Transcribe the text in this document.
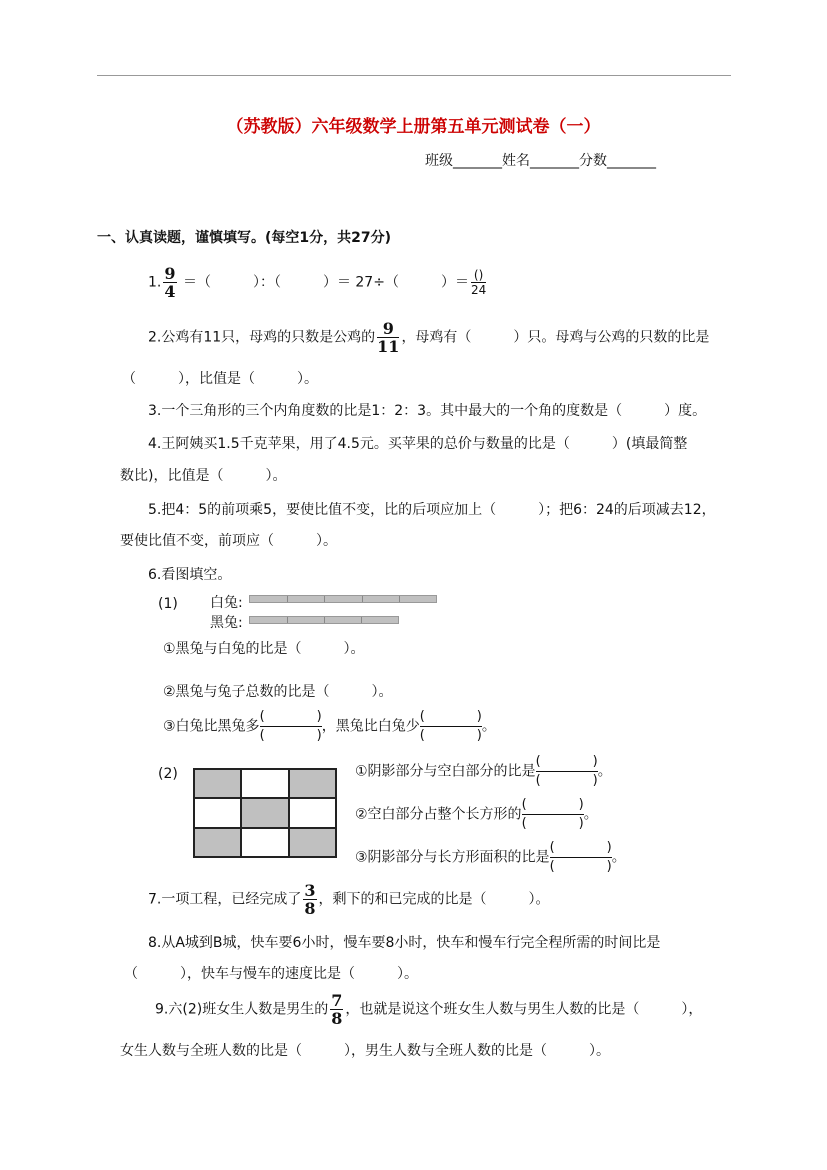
（苏教版）六年级数学上册第五单元测试卷（一）
班级_______姓名_______分数_______
一、认真读题，谨慎填写。(每空1分，共27分)
1. $\frac{9}{4}$ ＝（　　　）：（　　　）＝ 27÷（　　　）＝ $\frac{()}{24}$
2.公鸡有11只，母鸡的只数是公鸡的 $\frac{9}{11}$ ，母鸡有（　　　）只。母鸡与公鸡的只数的比是
（　　　），比值是（　　　）。
3.一个三角形的三个内角度数的比是1：2：3。其中最大的一个角的度数是（　　　）度。
4.王阿姨买1.5千克苹果，用了4.5元。买苹果的总价与数量的比是（　　　）(填最简整
数比)，比值是（　　　）。
5.把4：5的前项乘5，要使比值不变，比的后项应加上（　　　）；把6：24的后项减去12，
要使比值不变，前项应（　　　）。
6.看图填空。
(1) 白兔:
黑兔:
①黑兔与白兔的比是（　　　）。
②黑兔与兔子总数的比是（　　　）。
③白兔比黑兔多
(　　　　)
(　　　　)，黑兔比白兔少
(　　　　)
(　　　　)。
(2)	①阴影部分与空白部分的比是
(　　　　)
(　　　　)。
②空白部分占整个长方形的
(　　　　)
(　　　　)。
③阴影部分与长方形面积的比是
(　　　　)
(　　　　)。
7.一项工程，已经完成了 $\frac{3}{8}$ ，剩下的和已完成的比是（　　　）。
8.从A城到B城，快车要6小时，慢车要8小时，快车和慢车行完全程所需的时间比是
（　　　），快车与慢车的速度比是（　　　）。
9.六(2)班女生人数是男生的 $\frac{7}{8}$ ，也就是说这个班女生人数与男生人数的比是（　　　），
女生人数与全班人数的比是（　　　），男生人数与全班人数的比是（　　　）。
